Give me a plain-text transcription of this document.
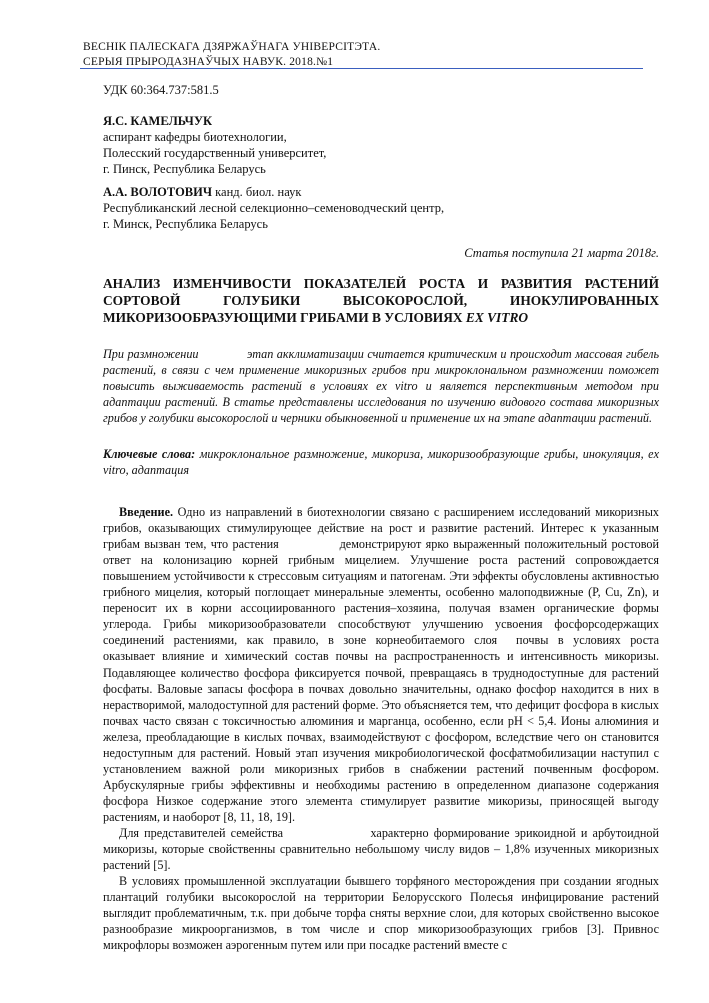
ВЕСНІК ПАЛЕСКАГА ДЗЯРЖАЎНАГА УНІВЕРСІТЭТА.
СЕРЫЯ ПРЫРОДАЗНАЎЧЫХ НАВУК. 2018.№1
УДК 60:364.737:581.5
Я.С. КАМЕЛЬЧУК
аспирант кафедры биотехнологии,
Полесский государственный университет,
г. Пинск, Республика Беларусь
А.А. ВОЛОТОВИЧ канд. биол. наук
Республиканский лесной селекционно–семеноводческий центр,
г. Минск, Республика Беларусь
Статья поступила 21 марта 2018г.
АНАЛИЗ ИЗМЕНЧИВОСТИ ПОКАЗАТЕЛЕЙ РОСТА И РАЗВИТИЯ РАСТЕНИЙ СОРТОВОЙ ГОЛУБИКИ ВЫСОКОРОСЛОЙ, ИНОКУЛИРОВАННЫХ МИКОРИЗООБРАЗУЮЩИМИ ГРИБАМИ В УСЛОВИЯХ EX VITRO
При размножении              этап акклиматизации считается критическим и происходит массовая гибель растений, в связи с чем применение микоризных грибов при микроклональном размножении поможет повысить выживаемость растений в условиях ex vitro и является перспективным методом при адаптации растений. В статье представлены исследования по изучению видового состава микоризных грибов у голубики высокорослой и черники обыкновенной и применение их на этапе адаптации растений.
Ключевые слова: микроклональное размножение, микориза, микоризообразующие грибы, инокуляция, ex vitro, адаптация

Введение. Одно из направлений в биотехнологии связано с расширением исследований микоризных грибов, оказывающих стимулирующее действие на рост и развитие растений. Интерес к указанным грибам вызван тем, что растения              демонстрируют ярко выраженный положительный ростовой ответ на колонизацию корней грибным мицелием. Улучшение роста растений сопровождается повышением устойчивости к стрессовым ситуациям и патогенам. Эти эффекты обусловлены активностью грибного мицелия, который поглощает минеральные элементы, особенно малоподвижные (P, Cu, Zn), и переносит их в корни ассоциированного растения–хозяина, получая взамен органические формы углерода. Грибы микоризообразователи способствуют улучшению усвоения фосфорсодержащих соединений растениями, как правило, в зоне корнеобитаемого слоя  почвы в условиях роста              оказывает влияние и химический состав почвы на распространенность и интенсивность микоризы. Подавляющее количество фосфора фиксируется почвой, превращаясь в труднодоступные для растений фосфаты. Валовые запасы фосфора в почвах довольно значительны, однако фосфор находится в них в нерастворимой, малодоступной для растений форме. Это объясняется тем, что дефицит фосфора в кислых почвах часто связан с токсичностью алюминия и марганца, особенно, если pH < 5,4. Ионы алюминия и железа, преобладающие в кислых почвах, взаимодействуют с фосфором, вследствие чего он становится недоступным для растений. Новый этап изучения микробиологической фосфатмобилизации наступил с установлением важной роли микоризных грибов в снабжении растений почвенным фосфором. Арбускулярные грибы эффективны и необходимы растению в определенном диапазоне содержания фосфора Низкое содержание этого элемента стимулирует развитие микоризы, приносящей выгоду растениям, и наоборот [8, 11, 18, 19].

Для представителей семейства                 характерно формирование эрикоидной и арбутоидной микоризы, которые свойственны сравнительно небольшому числу видов – 1,8% изученных микоризных растений [5].

В условиях промышленной эксплуатации бывшего торфяного месторождения при создании ягодных плантаций голубики высокорослой на территории Белорусского Полесья инфицирование растений выглядит проблематичным, т.к. при добыче торфа сняты верхние слои, для которых свойственно высокое разнообразие микроорганизмов, в том числе и спор микоризообразующих грибов [3]. Привнос микрофлоры возможен аэрогенным путем или при посадке растений вместе с
